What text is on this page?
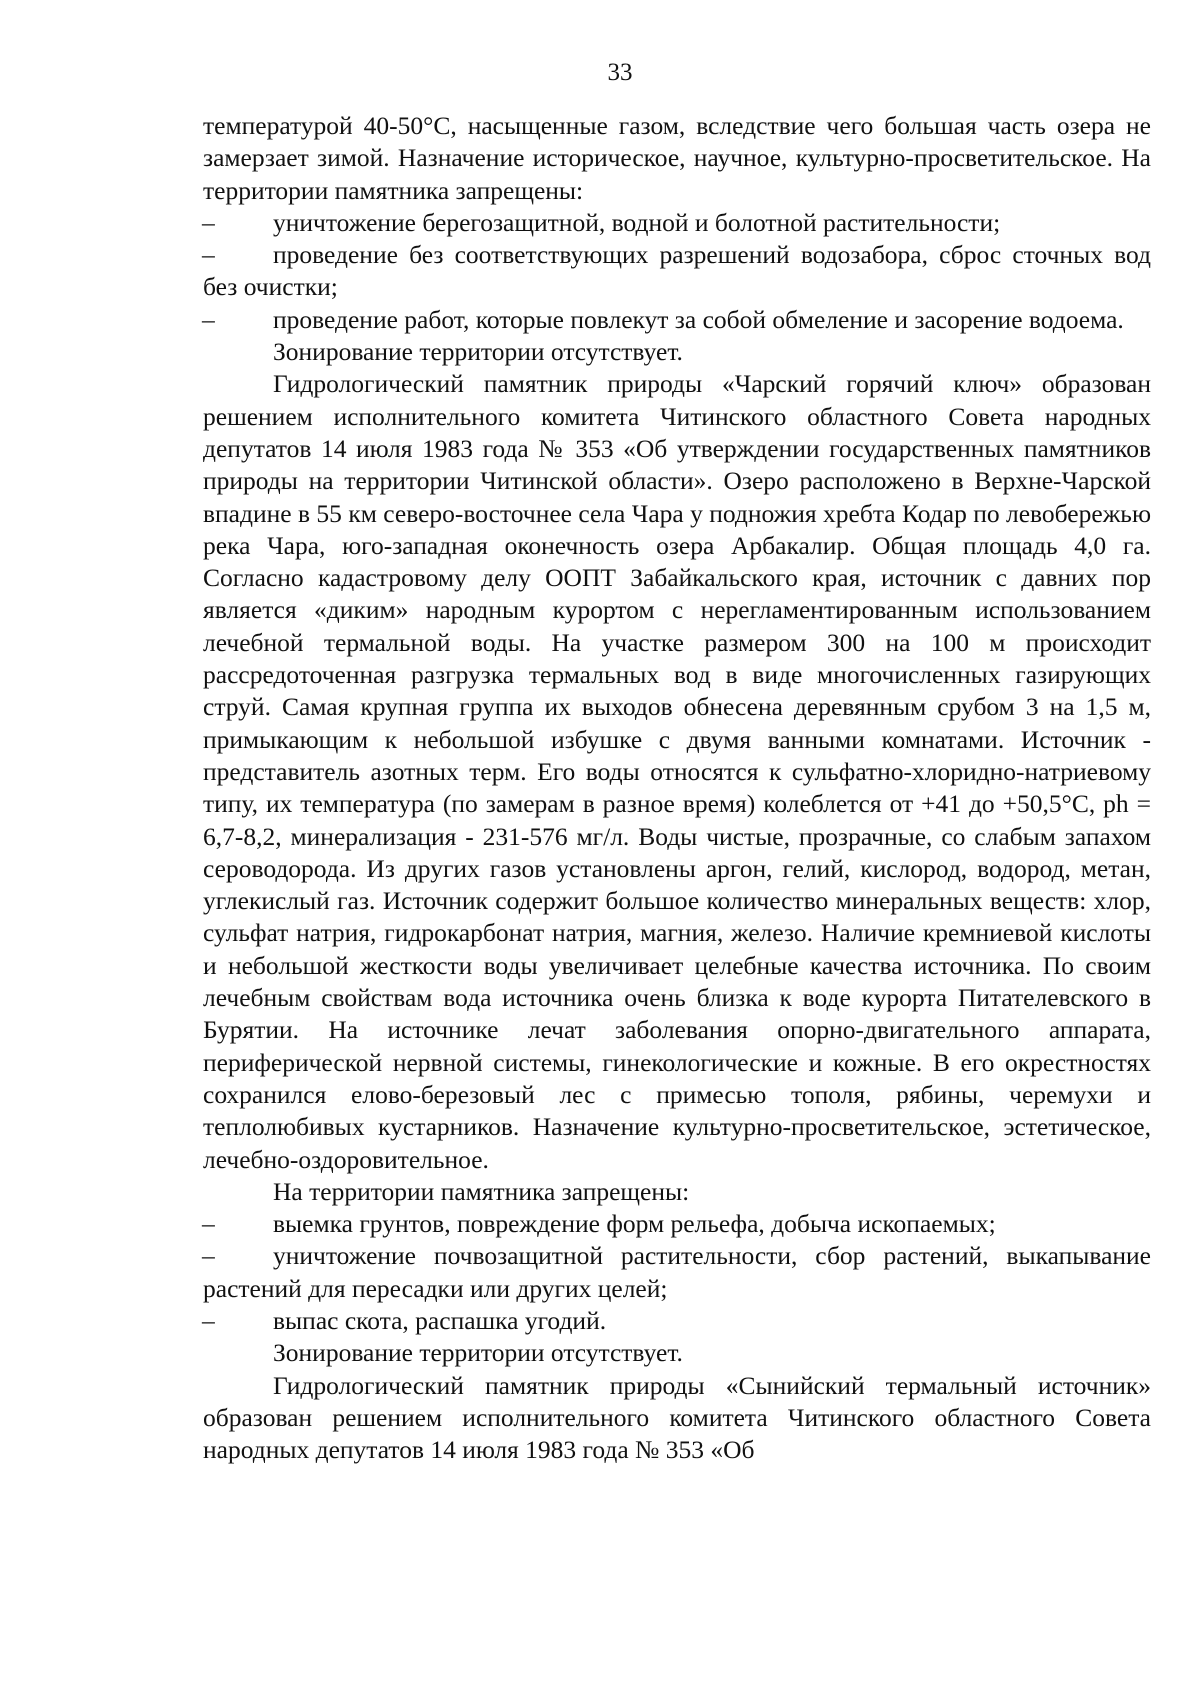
33

температурой 40-50°С, насыщенные газом, вследствие чего большая часть озера не замерзает зимой. Назначение историческое, научное, культурно-просветительское. На территории памятника запрещены:

– уничтожение берегозащитной, водной и болотной растительности;

– проведение без соответствующих разрешений водозабора, сброс сточных вод без очистки;

– проведение работ, которые повлекут за собой обмеление и засорение водоема.

Зонирование территории отсутствует.

Гидрологический памятник природы «Чарский горячий ключ» образован решением исполнительного комитета Читинского областного Совета народных депутатов 14 июля 1983 года № 353 «Об утверждении государственных памятников природы на территории Читинской области». Озеро расположено в Верхне-Чарской впадине в 55 км северо-восточнее села Чара у подножия хребта Кодар по левобережью река Чара, юго-западная оконечность озера Арбакалир. Общая площадь 4,0 га. Согласно кадастровому делу ООПТ Забайкальского края, источник с давних пор является «диким» народным курортом с нерегламентированным использованием лечебной термальной воды. На участке размером 300 на 100 м происходит рассредоточенная разгрузка термальных вод в виде многочисленных газирующих струй. Самая крупная группа их выходов обнесена деревянным срубом 3 на 1,5 м, примыкающим к небольшой избушке с двумя ванными комнатами. Источник - представитель азотных терм. Его воды относятся к сульфатно-хлоридно-натриевому типу, их температура (по замерам в разное время) колеблется от +41 до +50,5°С, ph = 6,7-8,2, минерализация - 231-576 мг/л. Воды чистые, прозрачные, со слабым запахом сероводорода. Из других газов установлены аргон, гелий, кислород, водород, метан, углекислый газ. Источник содержит большое количество минеральных веществ: хлор, сульфат натрия, гидрокарбонат натрия, магния, железо. Наличие кремниевой кислоты и небольшой жесткости воды увеличивает целебные качества источника. По своим лечебным свойствам вода источника очень близка к воде курорта Питателевского в Бурятии. На источнике лечат заболевания опорно-двигательного аппарата, периферической нервной системы, гинекологические и кожные. В его окрестностях сохранился елово-березовый лес с примесью тополя, рябины, черемухи и теплолюбивых кустарников. Назначение культурно-просветительское, эстетическое, лечебно-оздоровительное.

На территории памятника запрещены:

– выемка грунтов, повреждение форм рельефа, добыча ископаемых;

– уничтожение почвозащитной растительности, сбор растений, выкапывание растений для пересадки или других целей;

– выпас скота, распашка угодий.

Зонирование территории отсутствует.

Гидрологический памятник природы «Сынийский термальный источник» образован решением исполнительного комитета Читинского областного Совета народных депутатов 14 июля 1983 года № 353 «Об
